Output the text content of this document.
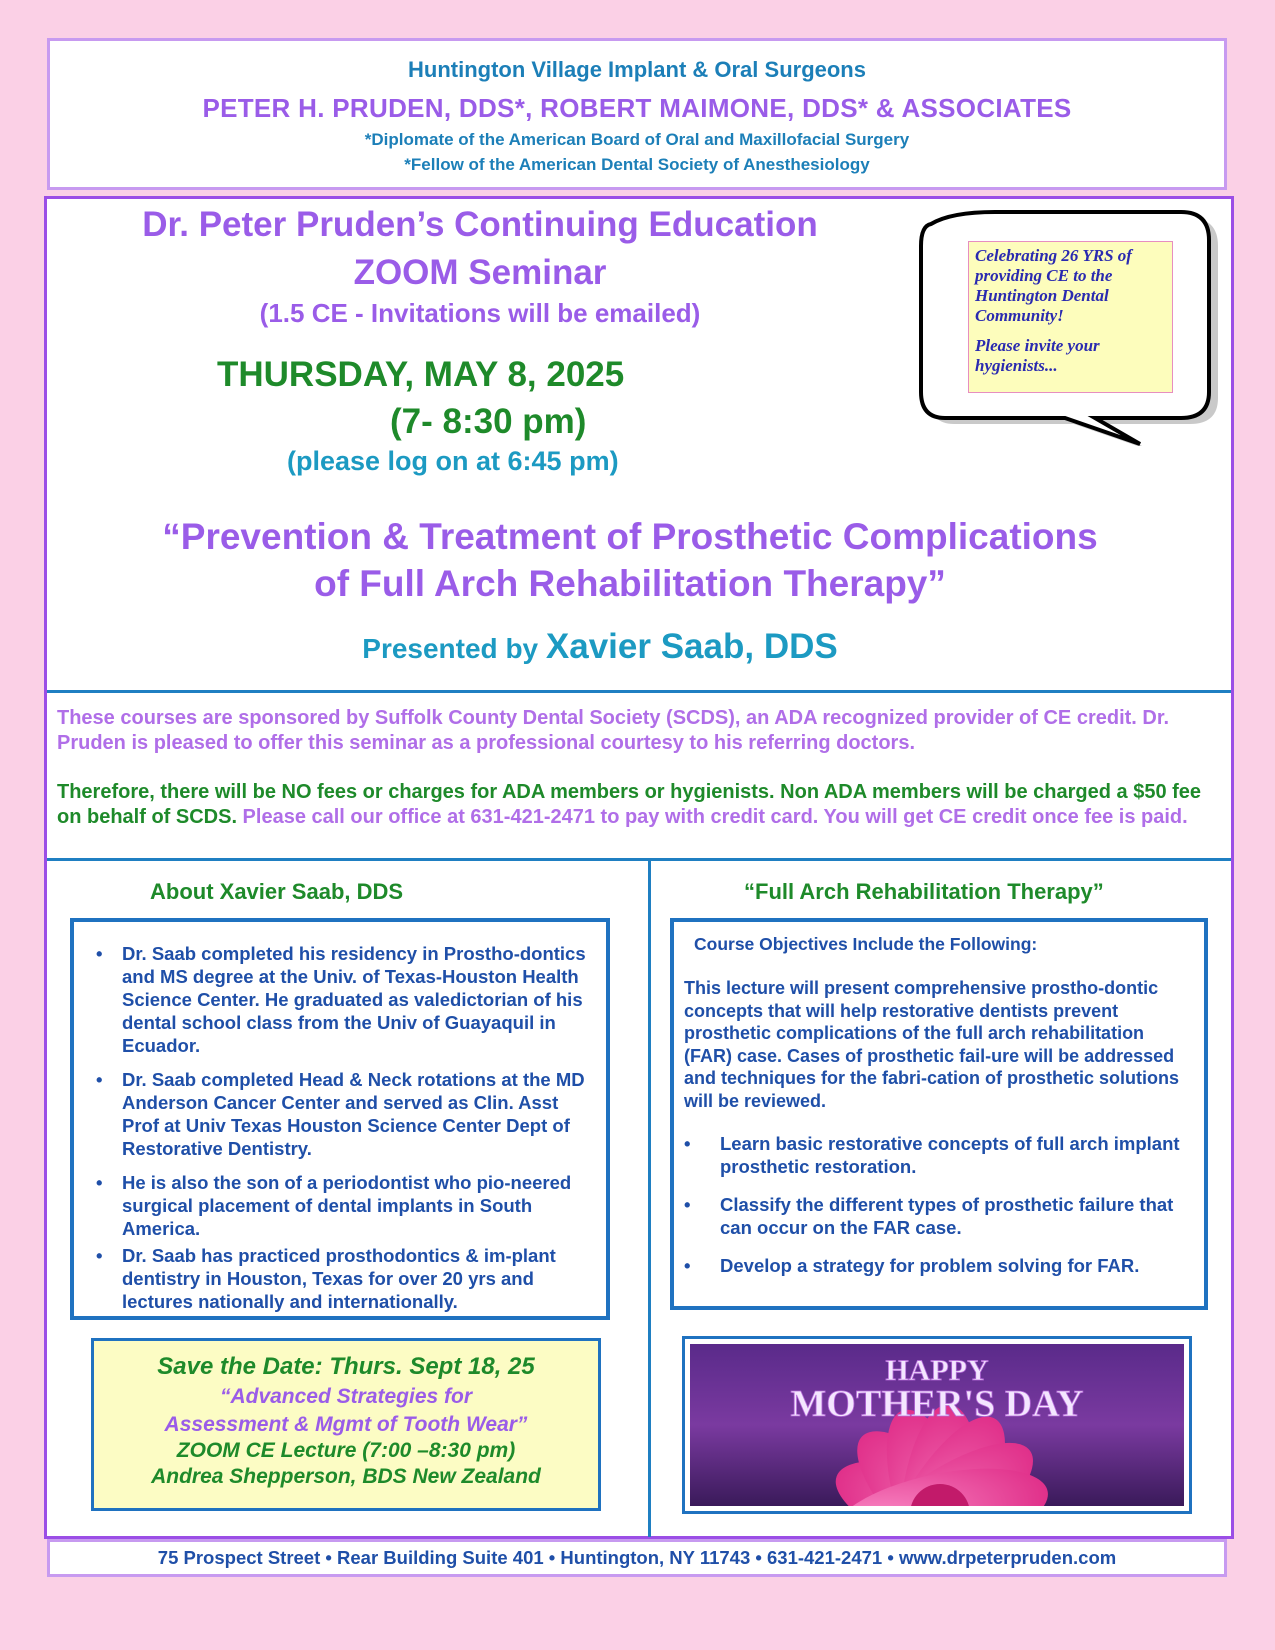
Huntington Village Implant & Oral Surgeons
PETER H. PRUDEN, DDS*, ROBERT MAIMONE, DDS* & ASSOCIATES
*Diplomate of the American Board of Oral and Maxillofacial Surgery
*Fellow of the American Dental Society of Anesthesiology
Dr. Peter Pruden’s Continuing Education
ZOOM Seminar
(1.5 CE - Invitations will be emailed)
THURSDAY, MAY 8, 2025
(7- 8:30 pm)
(please log on at 6:45 pm)

Celebrating 26 YRS of providing CE to the Huntington Dental Community!

Please invite your hygienists...

“Prevention & Treatment of Prosthetic Complications
of Full Arch Rehabilitation Therapy”
Presented by Xavier Saab, DDS
These courses are sponsored by Suffolk County Dental Society (SCDS), an ADA recognized provider of CE credit. Dr. Pruden is pleased to offer this seminar as a professional courtesy to his referring doctors.
Therefore, there will be NO fees or charges for ADA members or hygienists. Non ADA members will be charged a $50 fee on behalf of SCDS. Please call our office at 631-421-2471 to pay with credit card. You will get CE credit once fee is paid.
About Xavier Saab, DDS
• Dr. Saab completed his residency in Prostho-dontics and MS degree at the Univ. of Texas-Houston Health Science Center. He graduated as valedictorian of his dental school class from the Univ of Guayaquil in Ecuador.
• Dr. Saab completed Head & Neck rotations at the MD Anderson Cancer Center and served as Clin. Asst Prof at Univ Texas Houston Science Center Dept of Restorative Dentistry.
• He is also the son of a periodontist who pio-neered surgical placement of dental implants in South America.
• Dr. Saab has practiced prosthodontics & im-plant dentistry in Houston, Texas for over 20 yrs and lectures nationally and internationally.
“Full Arch Rehabilitation Therapy”
Course Objectives Include the Following:
This lecture will present comprehensive prostho-dontic concepts that will help restorative dentists prevent prosthetic complications of the full arch rehabilitation (FAR) case. Cases of prosthetic fail-ure will be addressed and techniques for the fabri-cation of prosthetic solutions will be reviewed.
• Learn basic restorative concepts of full arch implant prosthetic restoration.
• Classify the different types of prosthetic failure that can occur on the FAR case.
• Develop a strategy for problem solving for FAR.
Save the Date: Thurs. Sept 18, 25
“Advanced Strategies for
Assessment & Mgmt of Tooth Wear”
ZOOM CE Lecture (7:00 –8:30 pm)
Andrea Shepperson, BDS New Zealand
HAPPY
MOTHER'S DAY
75 Prospect Street • Rear Building Suite 401 • Huntington, NY 11743 • 631-421-2471 • www.drpeterpruden.com
